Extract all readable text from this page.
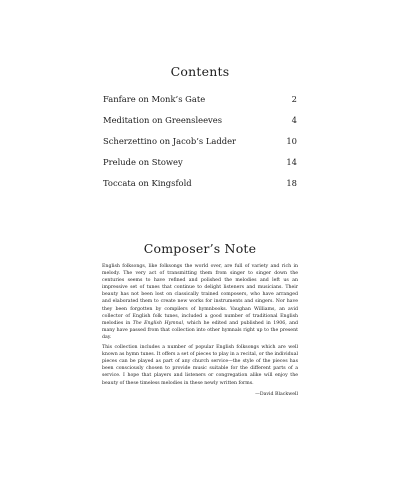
Contents
Fanfare on Monk’s Gate	2
Meditation on Greensleeves	4
Scherzettino on Jacob’s Ladder	10
Prelude on Stowey	14
Toccata on Kingsfold	18
Composer’s Note

English folksongs, like folksongs the world over, are full of variety and rich in melody. The very act of transmitting them from singer to singer down the centuries seems to have refined and polished the melodies and left us an impressive set of tunes that continue to delight listeners and musicians. Their beauty has not been lost on classically trained composers, who have arranged and elaborated them to create new works for instruments and singers. Nor have they been forgotten by compilers of hymnbooks. Vaughan Williams, an avid collector of English folk tunes, included a good number of traditional English melodies in The English Hymnal, which he edited and published in 1906, and many have passed from that collection into other hymnals right up to the present day.

This collection includes a number of popular English folksongs which are well known as hymn tunes. It offers a set of pieces to play in a recital, or the individual pieces can be played as part of any church service—the style of the pieces has been consciously chosen to provide music suitable for the different parts of a service. I hope that players and listeners or congregation alike will enjoy the beauty of these timeless melodies in these newly written forms.

—David Blackwell
